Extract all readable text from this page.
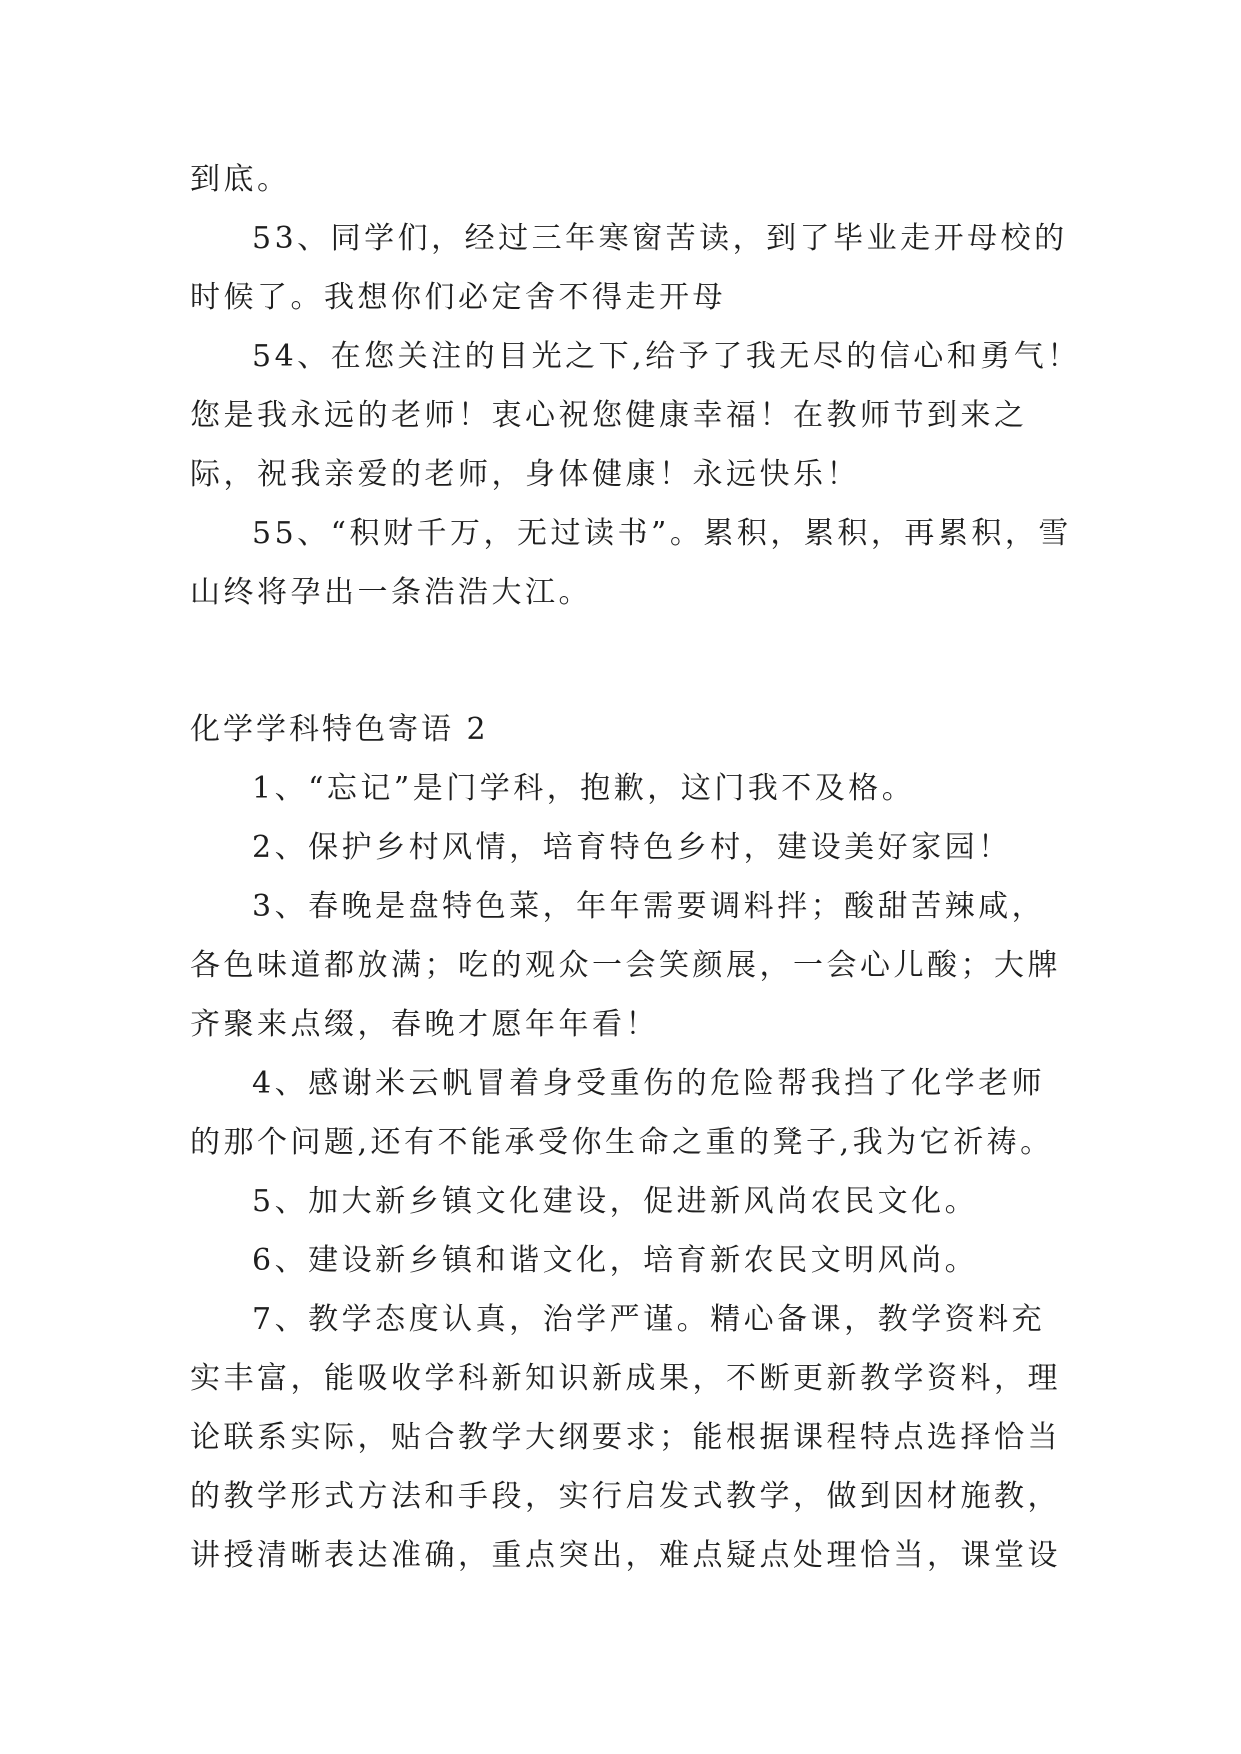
到底。
53、同学们，经过三年寒窗苦读，到了毕业走开母校的
时候了。我想你们必定舍不得走开母
54、在您关注的目光之下,给予了我无尽的信心和勇气！
您是我永远的老师！衷心祝您健康幸福！在教师节到来之
际，祝我亲爱的老师，身体健康！永远快乐！
55、“积财千万，无过读书”。累积，累积，再累积，雪
山终将孕出一条浩浩大江。
化学学科特色寄语 2
1、“忘记”是门学科，抱歉，这门我不及格。
2、保护乡村风情，培育特色乡村，建设美好家园！
3、春晚是盘特色菜，年年需要调料拌；酸甜苦辣咸，
各色味道都放满；吃的观众一会笑颜展，一会心儿酸；大牌
齐聚来点缀，春晚才愿年年看！
4、感谢米云帆冒着身受重伤的危险帮我挡了化学老师
的那个问题,还有不能承受你生命之重的凳子,我为它祈祷。
5、加大新乡镇文化建设，促进新风尚农民文化。
6、建设新乡镇和谐文化，培育新农民文明风尚。
7、教学态度认真，治学严谨。精心备课，教学资料充
实丰富，能吸收学科新知识新成果，不断更新教学资料，理
论联系实际，贴合教学大纲要求；能根据课程特点选择恰当
的教学形式方法和手段，实行启发式教学，做到因材施教，
讲授清晰表达准确，重点突出，难点疑点处理恰当，课堂设
